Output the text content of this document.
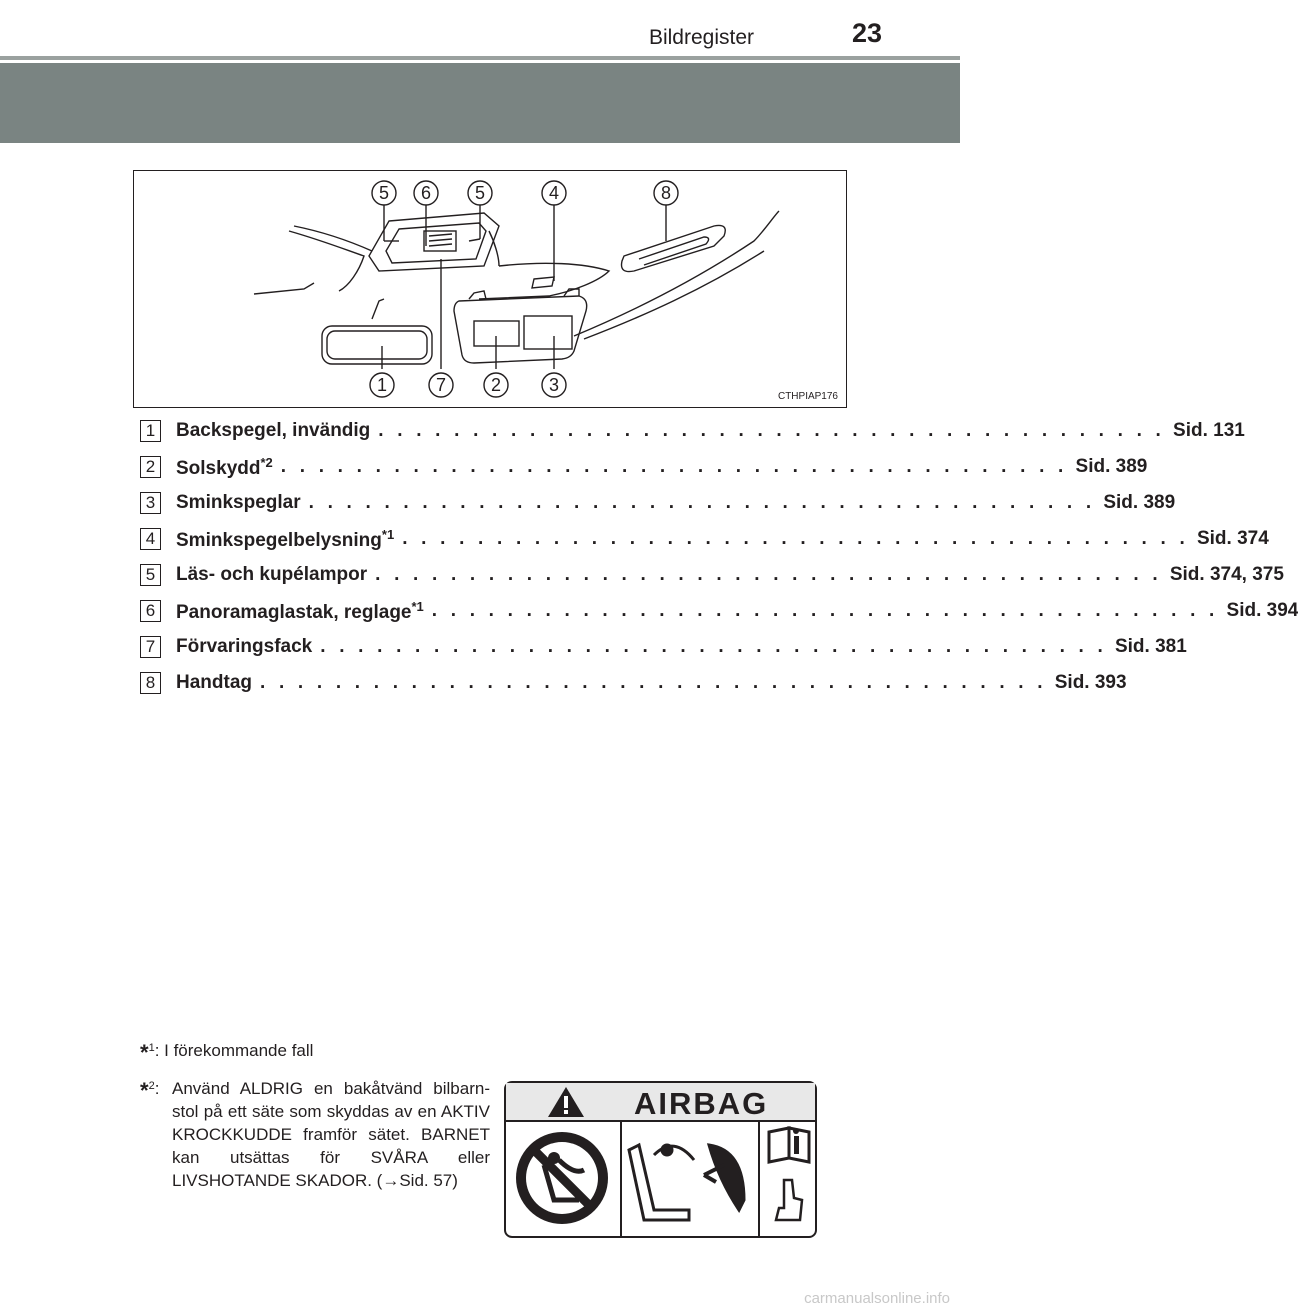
Bildregister	23
5 6 5	4	8
1	7 2	3
CTHPIAP176
1	Backspegel, invändig . . . . . . . . . . . . . . . . . . . . . . . . . . . . . . . . . . . . . . . . . . Sid. 131
2	Solskydd$^{*2}$ . . . . . . . . . . . . . . . . . . . . . . . . . . . . . . . . . . . . . . . . . . Sid. 389
3	Sminkspeglar . . . . . . . . . . . . . . . . . . . . . . . . . . . . . . . . . . . . . . . . . . Sid. 389
4	Sminkspegelbelysning$^{*1}$ . . . . . . . . . . . . . . . . . . . . . . . . . . . . . . . . . . . . . . . . . . Sid. 374
5	Läs- och kupélampor . . . . . . . . . . . . . . . . . . . . . . . . . . . . . . . . . . . . . . . . . . Sid. 374, 375
6	Panoramaglastak, reglage$^{*1}$ . . . . . . . . . . . . . . . . . . . . . . . . . . . . . . . . . . . . . . . . . . Sid. 394
7	Förvaringsfack . . . . . . . . . . . . . . . . . . . . . . . . . . . . . . . . . . . . . . . . . . Sid. 381
8	Handtag . . . . . . . . . . . . . . . . . . . . . . . . . . . . . . . . . . . . . . . . . . Sid. 393
*$^1$: I förekommande fall
*$^2$: Använd ALDRIG en bakåtvänd bilbarn-stol på ett säte som skyddas av en AKTIV KROCKKUDDE framför sätet. BARNET kan utsättas för SVÅRA eller LIVSHOTANDE SKADOR. (→Sid. 57)
AIRBAG
carmanualsonline.info
